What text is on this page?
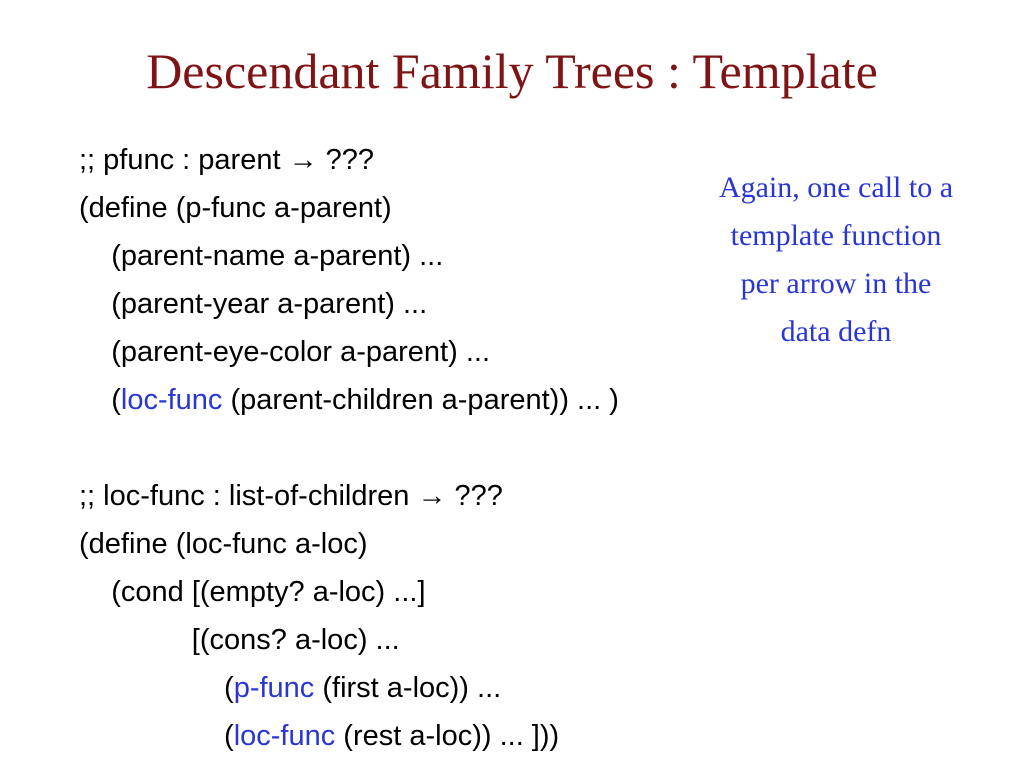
Descendant Family Trees : Template
;; pfunc : parent → ???
(define (p-func a-parent)
(parent-name a-parent) ...
(parent-year a-parent) ...
(parent-eye-color a-parent) ...
(loc-func (parent-children a-parent)) ... )
;; loc-func : list-of-children → ???
(define (loc-func a-loc)
(cond [(empty? a-loc) ...]
[(cons? a-loc) ...
(p-func (first a-loc)) ...
(loc-func (rest a-loc)) ... ]))
Again, one call to a
template function
per arrow in the
data defn
